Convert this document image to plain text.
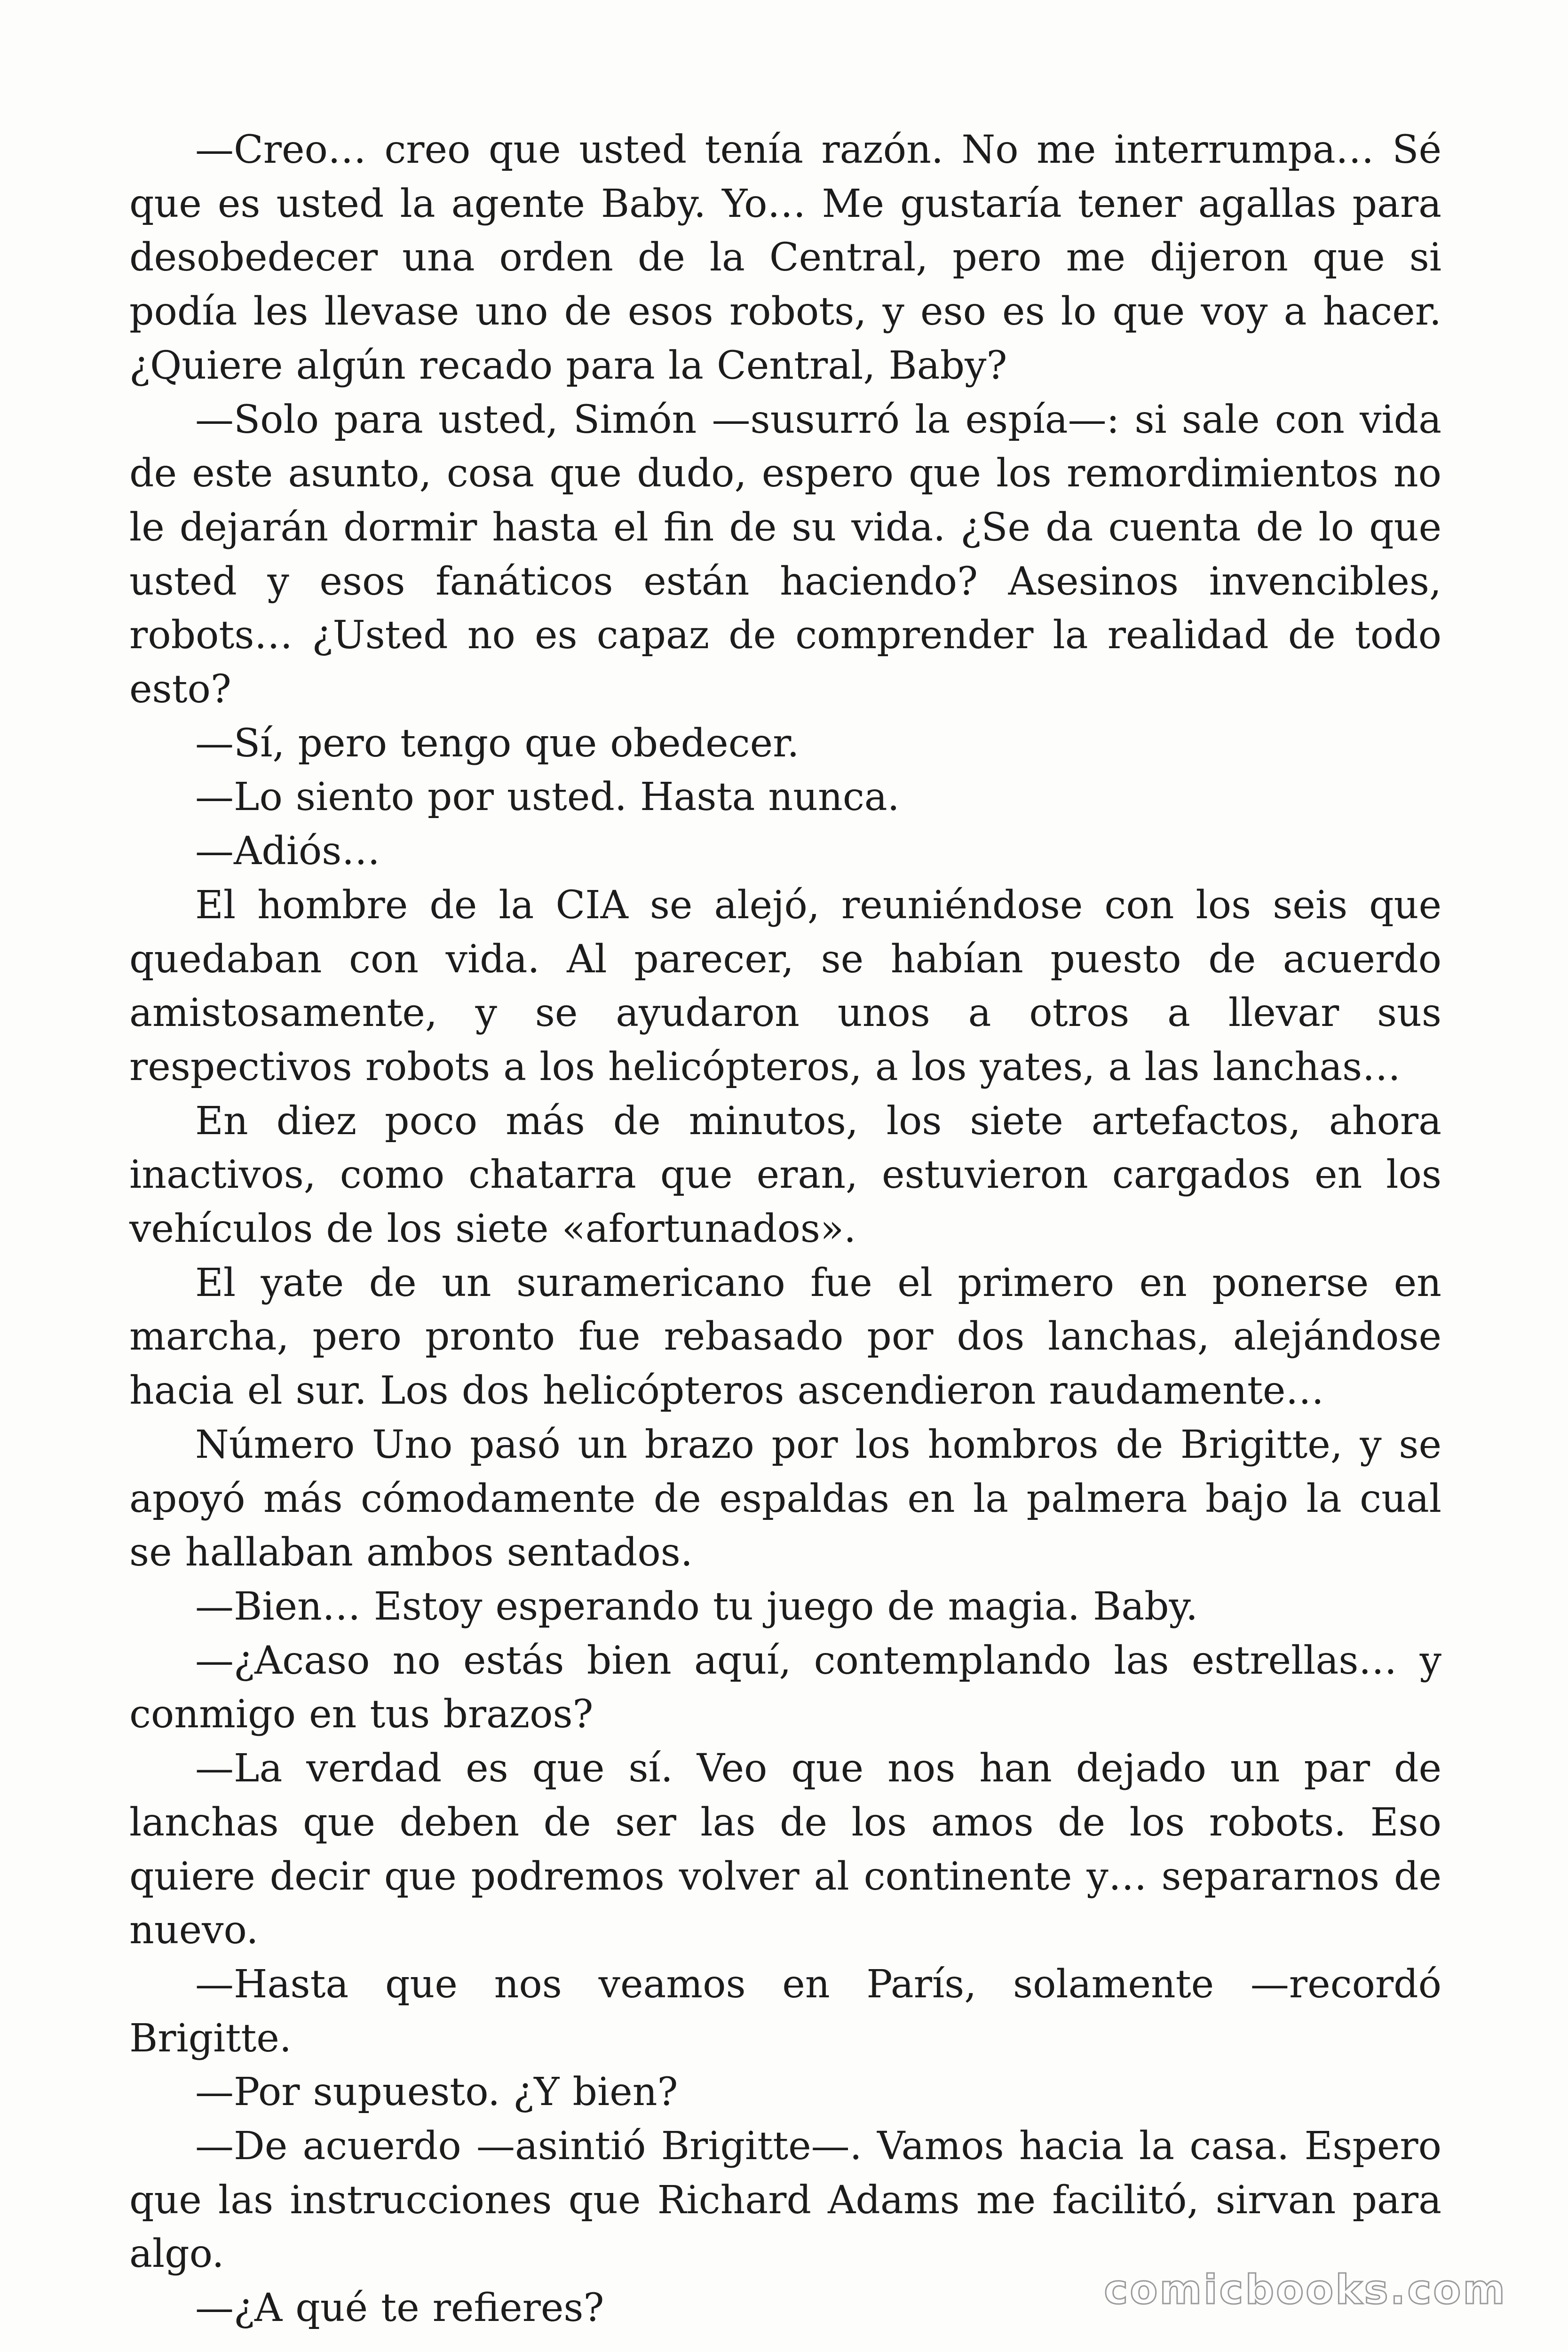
—Creo… creo que usted tenía razón. No me interrumpa… Sé que es usted la agente Baby. Yo… Me gustaría tener agallas para desobedecer una orden de la Central, pero me dijeron que si podía les llevase uno de esos robots, y eso es lo que voy a hacer. ¿Quiere algún recado para la Central, Baby?

—Solo para usted, Simón —susurró la espía—: si sale con vida de este asunto, cosa que dudo, espero que los remordimientos no le dejarán dormir hasta el fin de su vida. ¿Se da cuenta de lo que usted y esos fanáticos están haciendo? Asesinos invencibles, robots… ¿Usted no es capaz de comprender la realidad de todo esto?

—Sí, pero tengo que obedecer.

—Lo siento por usted. Hasta nunca.

—Adiós…

El hombre de la CIA se alejó, reuniéndose con los seis que quedaban con vida. Al parecer, se habían puesto de acuerdo amistosamente, y se ayudaron unos a otros a llevar sus respectivos robots a los helicópteros, a los yates, a las lanchas…

En diez poco más de minutos, los siete artefactos, ahora inactivos, como chatarra que eran, estuvieron cargados en los vehículos de los siete «afortunados».

El yate de un suramericano fue el primero en ponerse en marcha, pero pronto fue rebasado por dos lanchas, alejándose hacia el sur. Los dos helicópteros ascendieron raudamente…

Número Uno pasó un brazo por los hombros de Brigitte, y se apoyó más cómodamente de espaldas en la palmera bajo la cual se hallaban ambos sentados.

—Bien… Estoy esperando tu juego de magia. Baby.

—¿Acaso no estás bien aquí, contemplando las estrellas… y conmigo en tus brazos?

—La verdad es que sí. Veo que nos han dejado un par de lanchas que deben de ser las de los amos de los robots. Eso quiere decir que podremos volver al continente y… separarnos de nuevo.

—Hasta que nos veamos en París, solamente —recordó Brigitte.

—Por supuesto. ¿Y bien?

—De acuerdo —asintió Brigitte—. Vamos hacia la casa. Espero que las instrucciones que Richard Adams me facilitó, sirvan para algo.

—¿A qué te refieres?	comicbooks.com
